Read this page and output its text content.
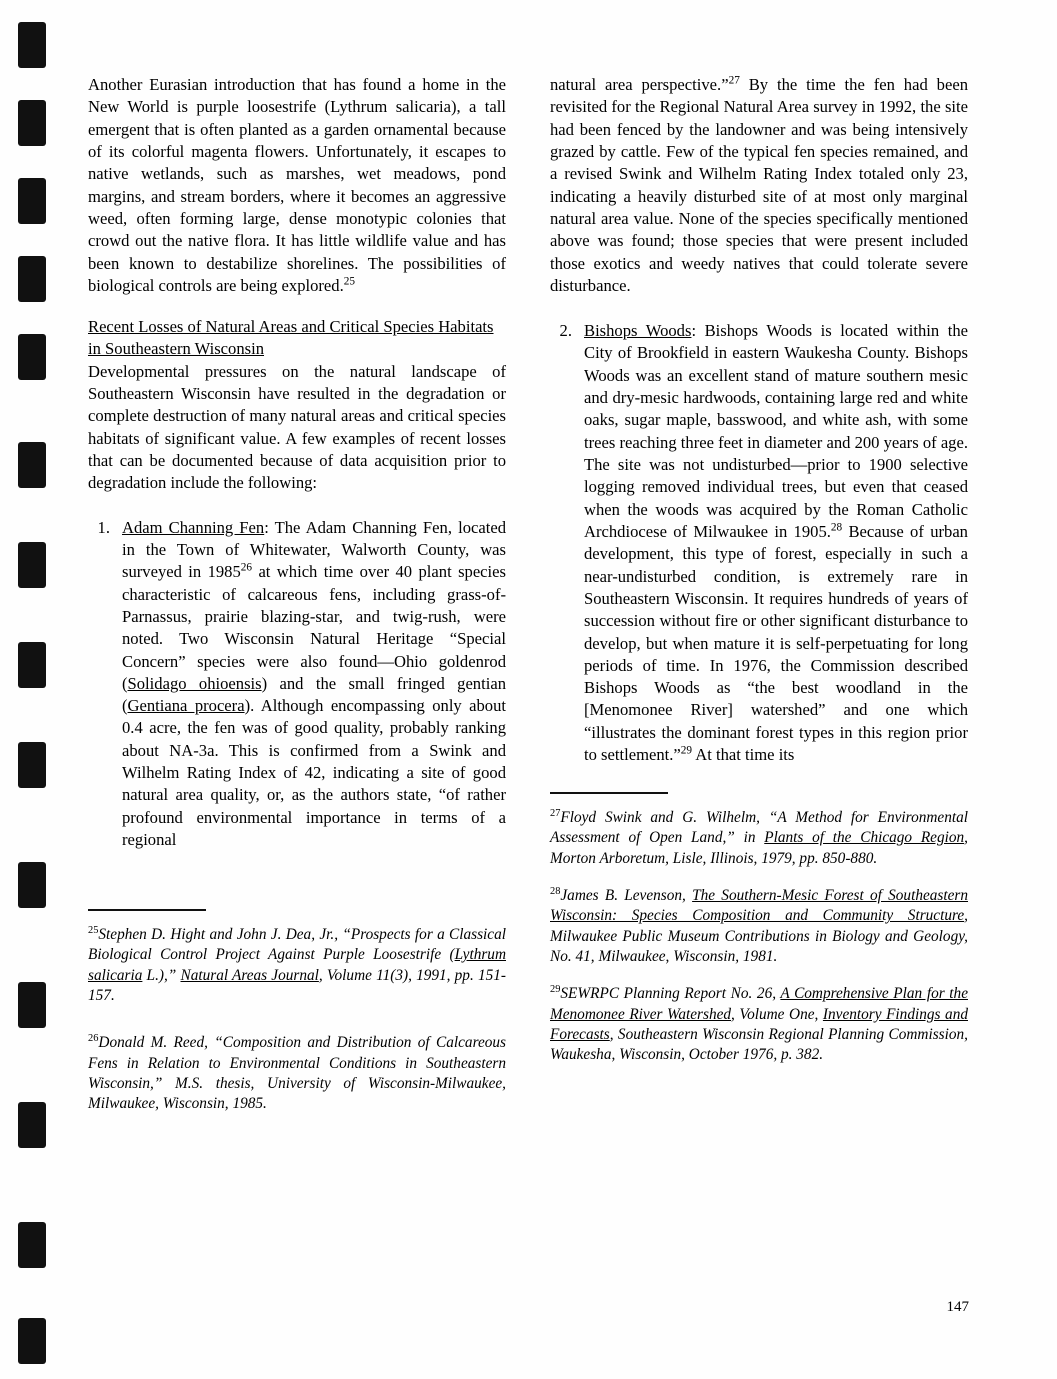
Another Eurasian introduction that has found a home in the New World is purple loosestrife (Lythrum salicaria), a tall emergent that is often planted as a garden ornamental because of its colorful magenta flowers. Unfortunately, it escapes to native wetlands, such as marshes, wet meadows, pond margins, and stream borders, where it becomes an aggressive weed, often forming large, dense monotypic colonies that crowd out the native flora. It has little wildlife value and has been known to destabilize shorelines. The possibilities of biological controls are being explored.$^{25}$

Recent Losses of Natural Areas and Critical Species Habitats in Southeastern Wisconsin

Developmental pressures on the natural landscape of Southeastern Wisconsin have resulted in the degradation or complete destruction of many natural areas and critical species habitats of significant value. A few examples of recent losses that can be documented because of data acquisition prior to degradation include the following:

1. Adam Channing Fen: The Adam Channing Fen, located in the Town of Whitewater, Walworth County, was surveyed in 1985$^{26}$ at which time over 40 plant species characteristic of calcareous fens, including grass-of-Parnassus, prairie blazing-star, and twig-rush, were noted. Two Wisconsin Natural Heritage “Special Concern” species were also found—Ohio goldenrod (Solidago ohioensis) and the small fringed gentian (Gentiana procera). Although encompassing only about 0.4 acre, the fen was of good quality, probably ranking about NA-3a. This is confirmed from a Swink and Wilhelm Rating Index of 42, indicating a site of good natural area quality, or, as the authors state, “of rather profound environmental importance in terms of a regional

$^{25}$Stephen D. Hight and John J. Dea, Jr., “Prospects for a Classical Biological Control Project Against Purple Loosestrife (Lythrum salicaria L.),” Natural Areas Journal, Volume 11(3), 1991, pp. 151-157.

$^{26}$Donald M. Reed, “Composition and Distribution of Calcareous Fens in Relation to Environmental Conditions in Southeastern Wisconsin,” M.S. thesis, University of Wisconsin-Milwaukee, Milwaukee, Wisconsin, 1985.

natural area perspective.”$^{27}$ By the time the fen had been revisited for the Regional Natural Area survey in 1992, the site had been fenced by the landowner and was being intensively grazed by cattle. Few of the typical fen species remained, and a revised Swink and Wilhelm Rating Index totaled only 23, indicating a heavily disturbed site of at most only marginal natural area value. None of the species specifically mentioned above was found; those species that were present included those exotics and weedy natives that could tolerate severe disturbance.

2. Bishops Woods: Bishops Woods is located within the City of Brookfield in eastern Waukesha County. Bishops Woods was an excellent stand of mature southern mesic and dry-mesic hardwoods, containing large red and white oaks, sugar maple, basswood, and white ash, with some trees reaching three feet in diameter and 200 years of age. The site was not undisturbed—prior to 1900 selective logging removed individual trees, but even that ceased when the woods was acquired by the Roman Catholic Archdiocese of Milwaukee in 1905.28 Because of urban development, this type of forest, especially in such a near-undisturbed condition, is extremely rare in Southeastern Wisconsin. It requires hundreds of years of succession without fire or other significant disturbance to develop, but when mature it is self-perpetuating for long periods of time. In 1976, the Commission described Bishops Woods as “the best woodland in the [Menomonee River] watershed” and one which “illustrates the dominant forest types in this region prior to settlement.”$^{29}$ At that time its

$^{27}$Floyd Swink and G. Wilhelm, “A Method for Environmental Assessment of Open Land,” in Plants of the Chicago Region, Morton Arboretum, Lisle, Illinois, 1979, pp. 850-880.

$^{28}$James B. Levenson, The Southern-Mesic Forest of Southeastern Wisconsin: Species Composition and Community Structure, Milwaukee Public Museum Contributions in Biology and Geology, No. 41, Milwaukee, Wisconsin, 1981.

$^{29}$SEWRPC Planning Report No. 26, A Comprehensive Plan for the Menomonee River Watershed, Volume One, Inventory Findings and Forecasts, Southeastern Wisconsin Regional Planning Commission, Waukesha, Wisconsin, October 1976, p. 382.

147
